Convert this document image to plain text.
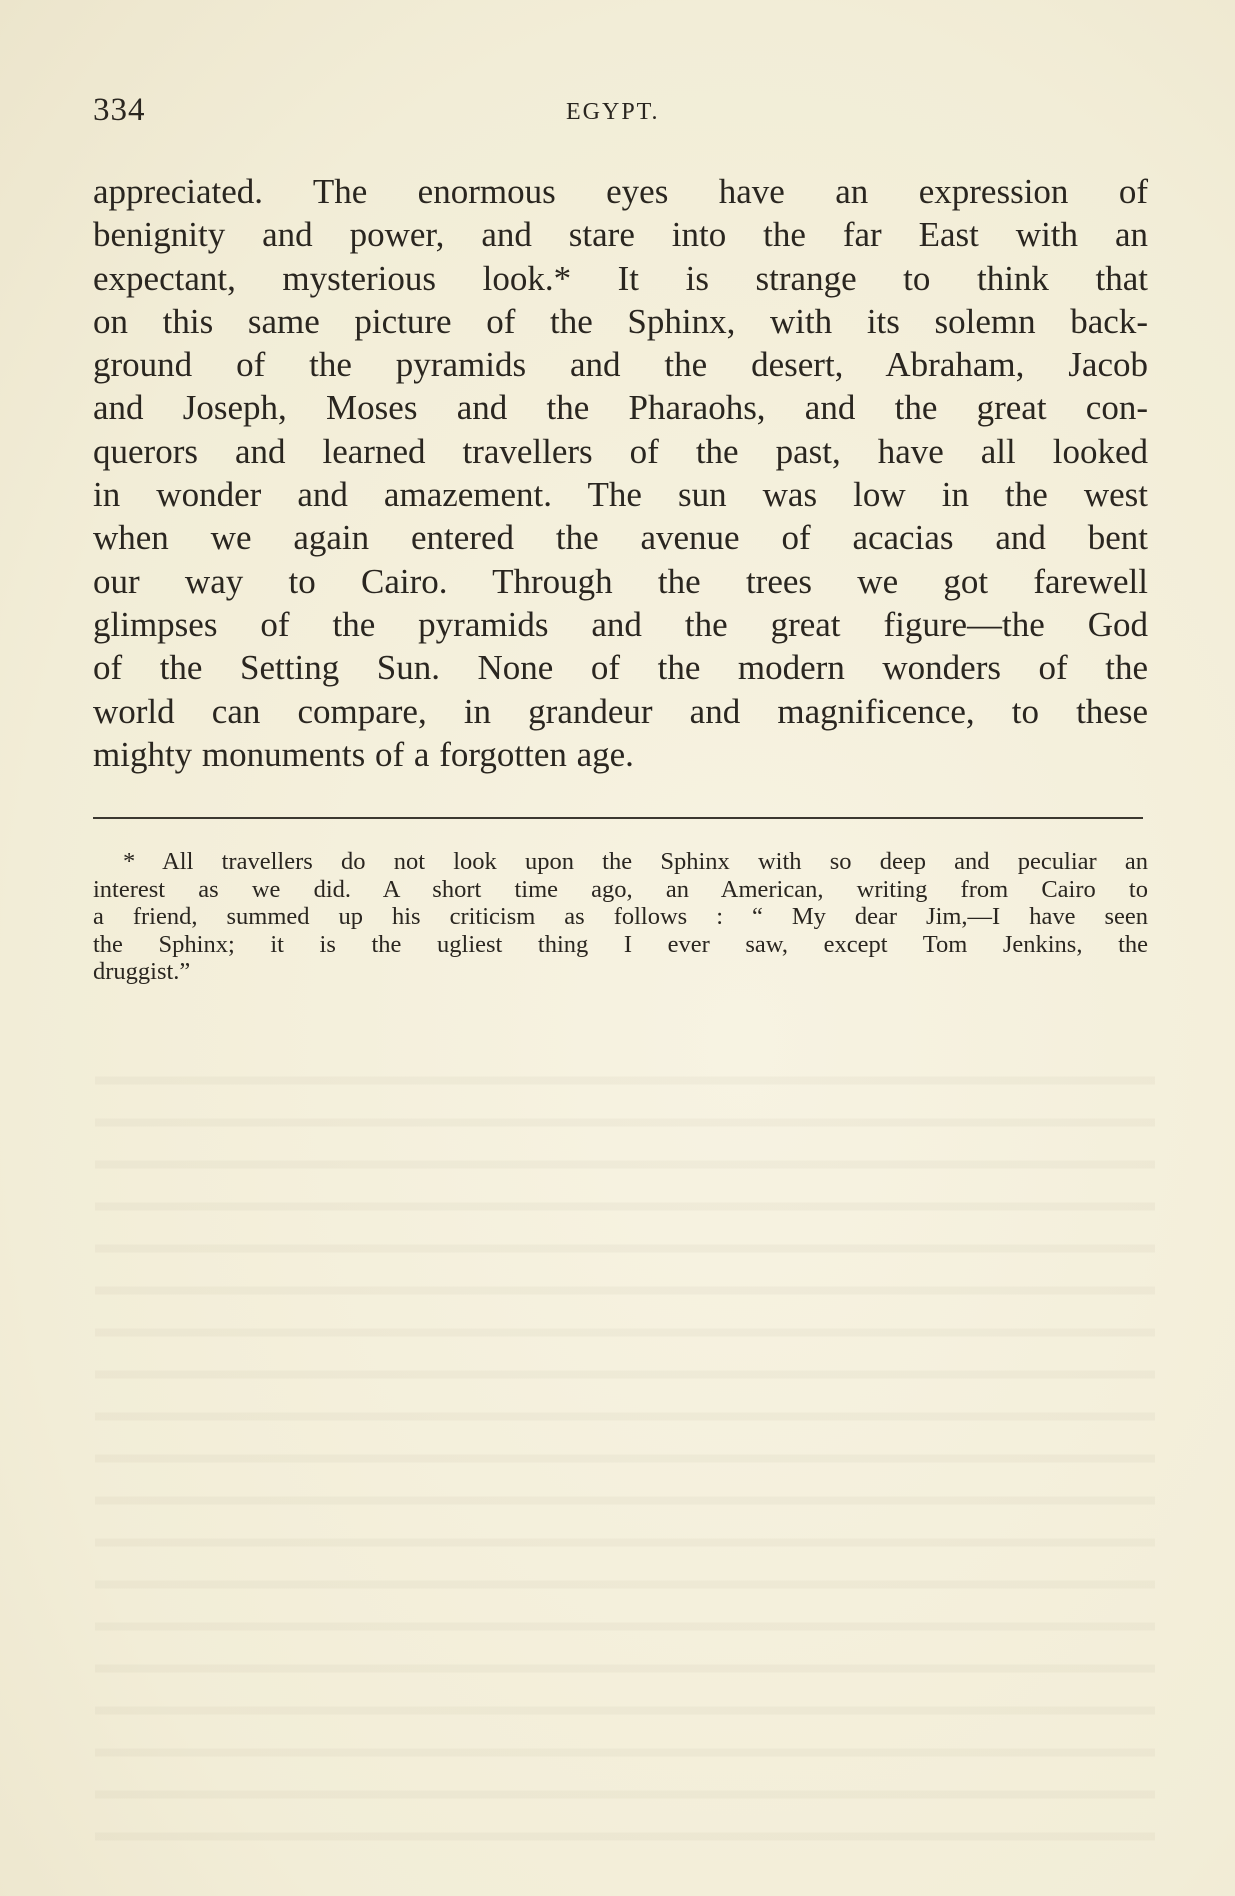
334	EGYPT.
appreciated. The enormous eyes have an expression of
benignity and power, and stare into the far East with an
expectant, mysterious look.* It is strange to think that
on this same picture of the Sphinx, with its solemn back-
ground of the pyramids and the desert, Abraham, Jacob
and Joseph, Moses and the Pharaohs, and the great con-
querors and learned travellers of the past, have all looked
in wonder and amazement. The sun was low in the west
when we again entered the avenue of acacias and bent
our way to Cairo. Through the trees we got farewell
glimpses of the pyramids and the great figure—the God
of the Setting Sun. None of the modern wonders of the
world can compare, in grandeur and magnificence, to these
mighty monuments of a forgotten age.
* All travellers do not look upon the Sphinx with so deep and peculiar an
interest as we did. A short time ago, an American, writing from Cairo to
a friend, summed up his criticism as follows : “ My dear Jim,—I have seen
the Sphinx; it is the ugliest thing I ever saw, except Tom Jenkins, the
druggist.”
